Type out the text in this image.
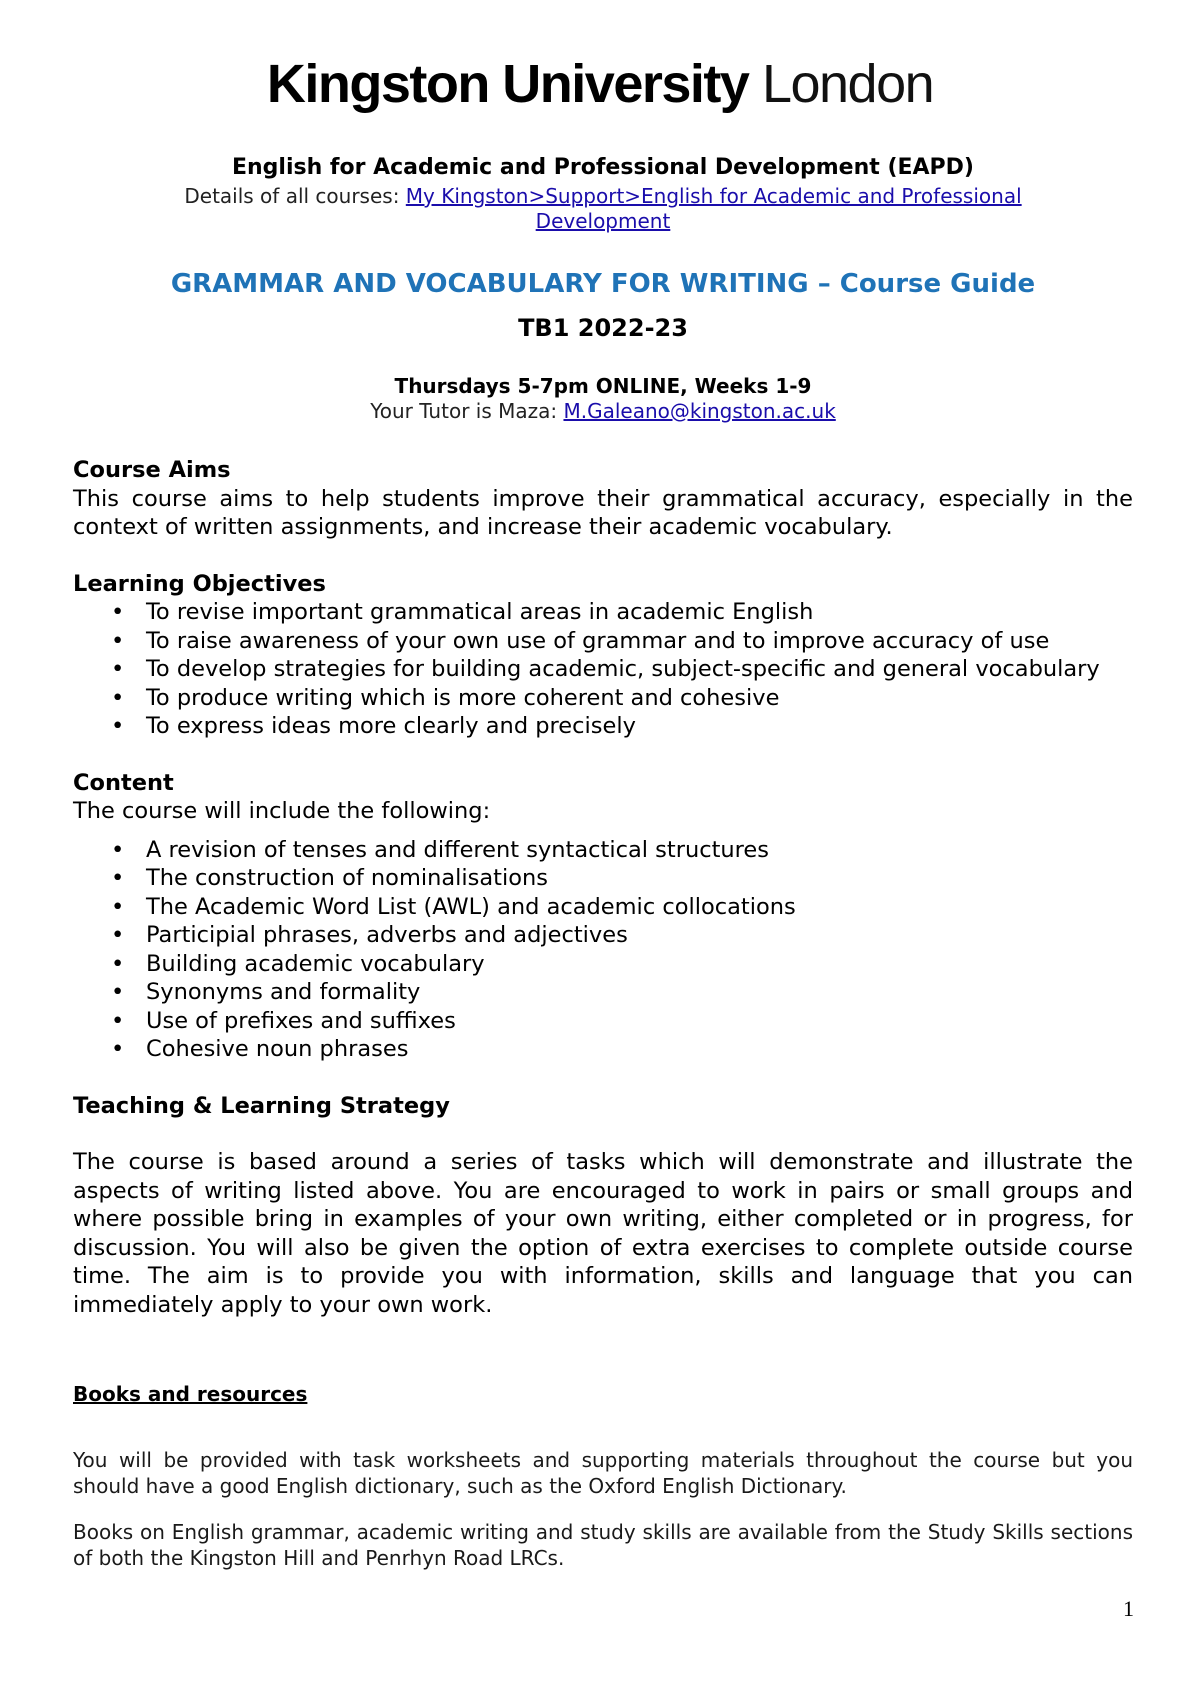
Kingston University London
English for Academic and Professional Development (EAPD)
Details of all courses: My Kingston>Support>English for Academic and Professional Development
GRAMMAR AND VOCABULARY FOR WRITING – Course Guide
TB1 2022-23
Thursdays 5-7pm ONLINE, Weeks 1-9
Your Tutor is Maza: M.Galeano@kingston.ac.uk

Course Aims

This course aims to help students improve their grammatical accuracy, especially in the context of written assignments, and increase their academic vocabulary.

Learning Objectives

• To revise important grammatical areas in academic English
• To raise awareness of your own use of grammar and to improve accuracy of use
• To develop strategies for building academic, subject-specific and general vocabulary
• To produce writing which is more coherent and cohesive
• To express ideas more clearly and precisely

Content

The course will include the following:

• A revision of tenses and different syntactical structures
• The construction of nominalisations
• The Academic Word List (AWL) and academic collocations
• Participial phrases, adverbs and adjectives
• Building academic vocabulary
• Synonyms and formality
• Use of prefixes and suffixes
• Cohesive noun phrases

Teaching & Learning Strategy

The course is based around a series of tasks which will demonstrate and illustrate the aspects of writing listed above. You are encouraged to work in pairs or small groups and where possible bring in examples of your own writing, either completed or in progress, for discussion. You will also be given the option of extra exercises to complete outside course time. The aim is to provide you with information, skills and language that you can immediately apply to your own work.

Books and resources

You will be provided with task worksheets and supporting materials throughout the course but you should have a good English dictionary, such as the Oxford English Dictionary.

Books on English grammar, academic writing and study skills are available from the Study Skills sections of both the Kingston Hill and Penrhyn Road LRCs.

1
